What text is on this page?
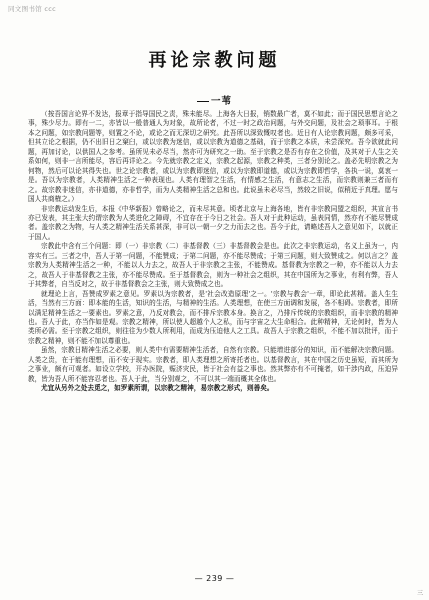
同文图书馆 ccc
再论宗教问题
一苇

（按吾国言论界不发达，报章于指导国民之责，殊未能尽。上海各大日报，销数最广者，莫不如此；而于国民思想言论之事，殊少尽力。即有一二，亦皆以一般普通人为对象，故所论者，不过一时之政治问题，与外交问题，及社会之琐事耳。于根本之问题，如宗教问题等，则置之不论，或论之而无深切之研究。此吾所以深致慨叹者也。近日有人论宗教问题，颇多可采，但其立论之根据，仍不出旧日之窠臼，或以宗教为迷信，或以宗教为道德之基础，而于宗教之本质，未尝深究。吾今欲就此问题，再加讨论，以供国人之参考。虽所见未必尽当，然亦可为研究之一助。至于宗教之是否有存在之价值，及其对于人生之关系如何，则非一言所能尽，容后再详论之。今先就宗教之定义，宗教之起源，宗教之种类，三者分别论之。盖必先明宗教之为何物，然后可以论其得失也。世之论宗教者，或以为宗教即迷信，或以为宗教即道德，或以为宗教即哲学，各执一说，莫衷一是。吾以为宗教者，人类精神生活之一种表现也。人类有理智之生活，有情感之生活，有意志之生活，而宗教则兼三者而有之。故宗教非迷信，亦非道德，亦非哲学，而为人类精神生活之总和也。此说虽未必尽当，然较之旧说，似稍近于真理。愿与国人共商榷之。）

非宗教运动发生后，本报《中华新报》曾略论之，而未尽其意。顷者北京与上海各地，皆有非宗教同盟之组织，其宣言书亦已发表，其主张大约谓宗教为人类进化之障碍，不宜存在于今日之社会。吾人对于此种运动，虽表同情，然亦有不能尽赞成者。盖宗教之为物，与人类之精神生活关系甚深，非可以一朝一夕之力而去之也。吾今于此，请略述吾人之意见如下，以就正于国人。

宗教此中含有三个问题：即（一）非宗教（二）非基督教（三）非基督教会是也。此次之非宗教运动，名义上虽为一，内容实有三。三者之中，吾人于第一问题，不能赞成；于第二问题，亦不能尽赞成；于第三问题，则大致赞成之。何以言之？盖宗教为人类精神生活之一种，不能以人力去之，故吾人于非宗教之主张，不能赞成。基督教为宗教之一种，亦不能以人力去之，故吾人于非基督教之主张，亦不能尽赞成。至于基督教会，则为一种社会之组织，其在中国所为之事业，有利有弊，吾人于其弊者，自当反对之，故于非基督教会之主张，则大致赞成之也。

就理论上言，吾赞成罗素之意见。罗素以为宗教者，是'社会改造原理'之一。'宗教与教会'一章，即论此甚精。盖人生生活，当然有三方面：即本能的生活，知识的生活，与精神的生活。人类理想，在使三方面调和发展，各不相碍。宗教者，即所以满足精神生活之一要素也。罗素之意，乃反对教会，而不排斥宗教本身。换言之，乃排斥传统的宗教组织，而非宗教的精神也。吾人于此，亦当作如是观。宗教之精神，所以使人超越个人之私，而与宇宙之大生命相合。此种精神，无论何时，皆为人类所必需。至于宗教之组织，则往往为少数人所利用，而成为压迫他人之工具。故吾人于宗教之组织，不能不加以批评，而于宗教之精神，则不能不加以尊重也。

虽然，宗教日精神生活之必要，则人类中有需要精神生活者，自然有宗教。只能增进部分的知识，而不能解决宗教问题。人类之贵，在于能有理想，而不安于现实。宗教者，即人类理想之所寄托者也。以基督教言，其在中国之历史虽短，而其所为之事业，颇有可观者。如设立学校，开办医院，赈济灾民，皆于社会有益之事也。然其弊亦有不可掩者，如干涉内政，压迫异教，皆为吾人所不能容忍者也。吾人于此，当分别观之，不可以其一端而概其全体也。

尤宜从另外之处去觅之，如罗素所谓，以宗教之精神，易宗教之形式，则善矣。

— 239 —
三
